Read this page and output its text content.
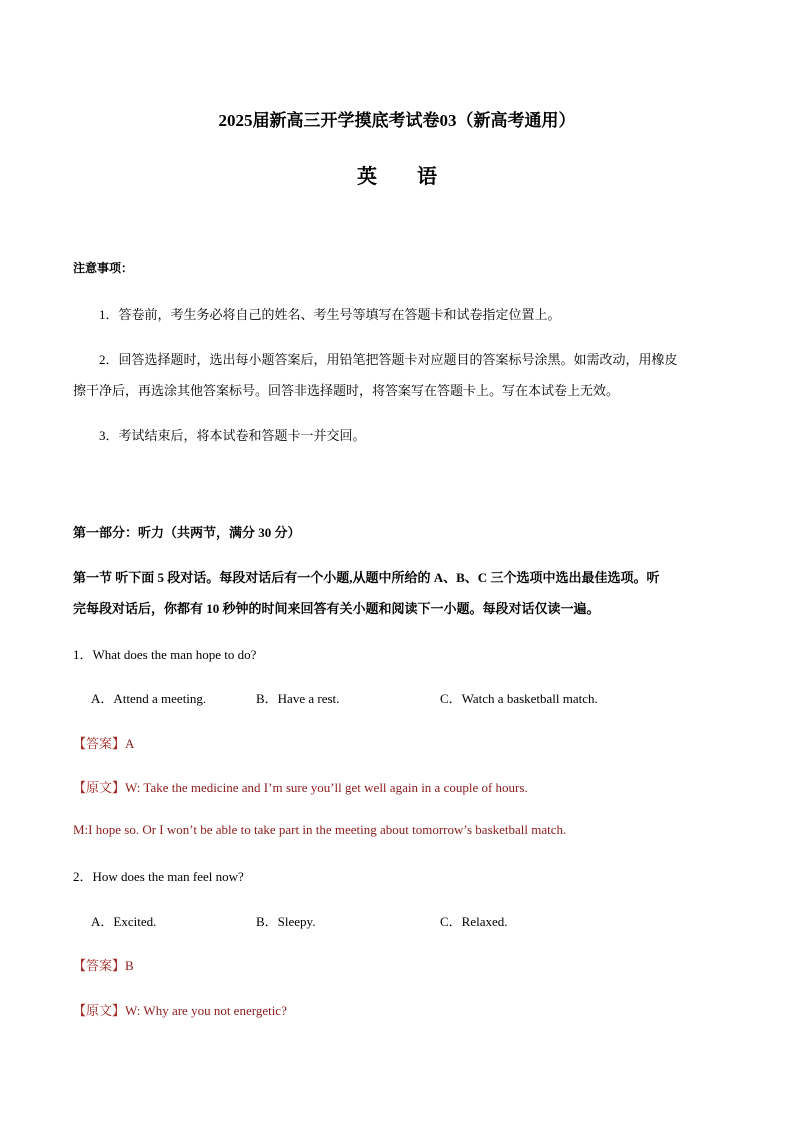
2025届新高三开学摸底考试卷03（新高考通用）
英语
注意事项：
1．答卷前，考生务必将自己的姓名、考生号等填写在答题卡和试卷指定位置上。
2．回答选择题时，选出每小题答案后，用铅笔把答题卡对应题目的答案标号涂黑。如需改动，用橡皮
擦干净后，再选涂其他答案标号。回答非选择题时，将答案写在答题卡上。写在本试卷上无效。
3．考试结束后，将本试卷和答题卡一并交回。
第一部分：听力（共两节，满分 30 分）
第一节 听下面 5 段对话。每段对话后有一个小题,从题中所给的 A、B、C 三个选项中选出最佳选项。听
完每段对话后，你都有 10 秒钟的时间来回答有关小题和阅读下一小题。每段对话仅读一遍。
1．What does the man hope to do?
A．Attend a meeting.	B．Have a rest.	C．Watch a basketball match.
【答案】A
【原文】W: Take the medicine and I’m sure you’ll get well again in a couple of hours.
M:I hope so. Or I won’t be able to take part in the meeting about tomorrow’s basketball match.
2．How does the man feel now?
A．Excited.	B．Sleepy.	C．Relaxed.
【答案】B
【原文】W: Why are you not energetic?
